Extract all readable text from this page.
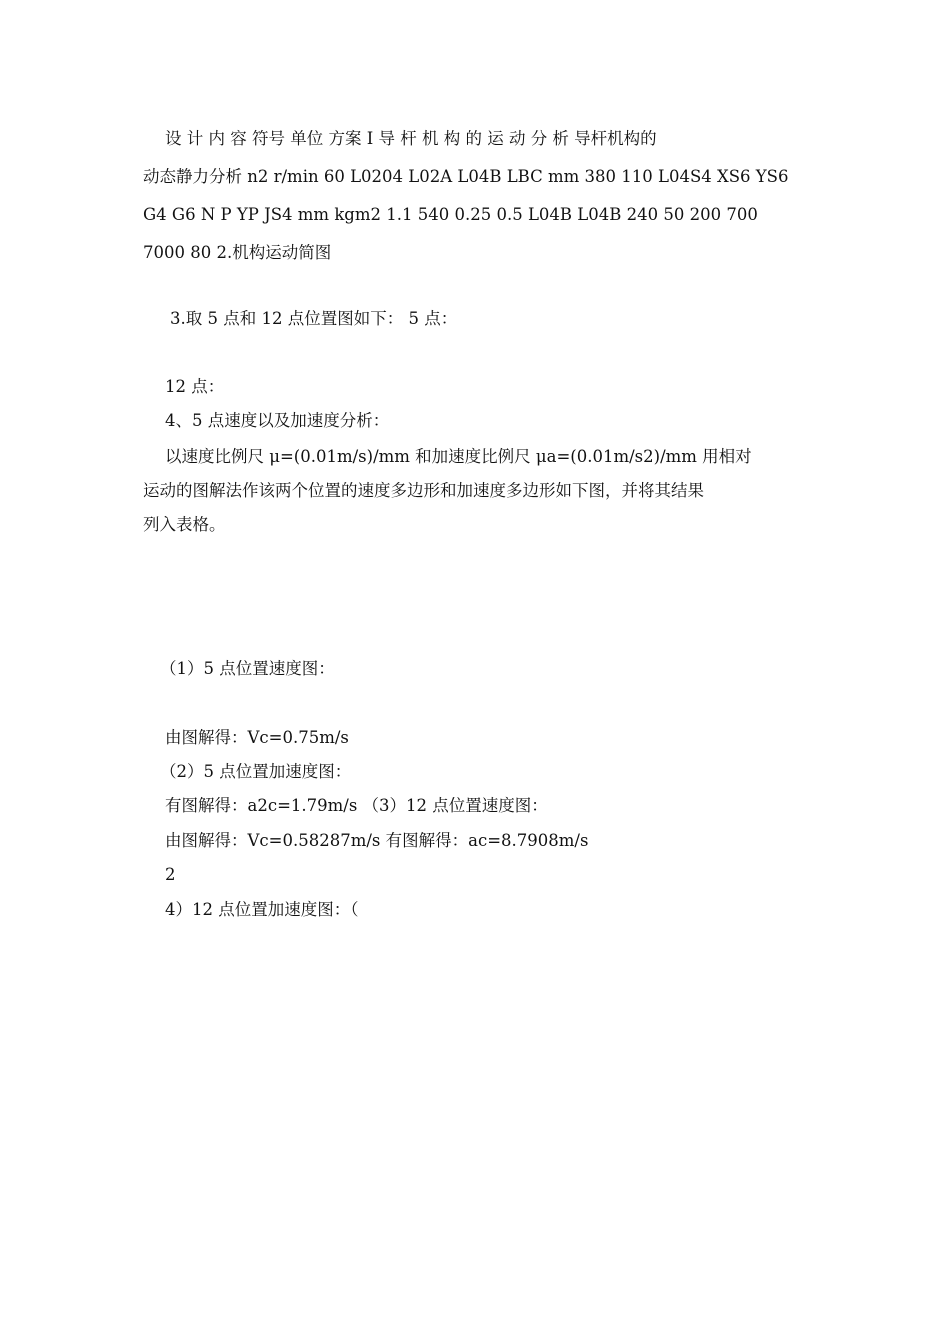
设 计 内 容 符号 单位 方案 Ⅰ 导 杆 机 构 的 运 动 分 析 导杆机构的
动态静力分析 n2 r/min 60 L0204 L02A L04B LBC mm 380 110 L04S4 XS6 YS6
G4 G6 N P YP JS4 mm kgm2 1.1 540 0.25 0.5 L04B L04B 240 50 200 700
7000 80 2.机构运动简图
3.取 5 点和 12 点位置图如下： 5 点：
12 点：
4、5 点速度以及加速度分析：
以速度比例尺 μ=(0.01m/s)/mm 和加速度比例尺 μa=(0.01m/s2)/mm 用相对
运动的图解法作该两个位置的速度多边形和加速度多边形如下图，并将其结果
列入表格。
（1）5 点位置速度图：
由图解得：Vc=0.75m/s
（2）5 点位置加速度图：
有图解得：a2c=1.79m/s （3）12 点位置速度图：
由图解得：Vc=0.58287m/s 有图解得：ac=8.7908m/s
2
4）12 点位置加速度图：（
